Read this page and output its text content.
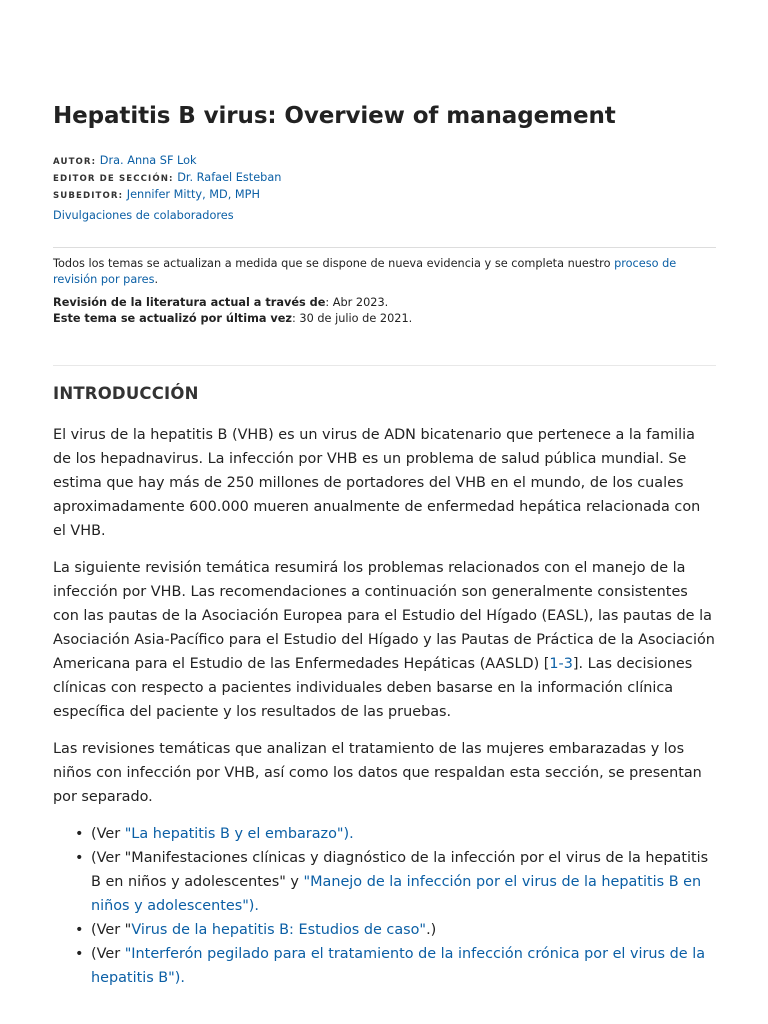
Hepatitis B virus: Overview of management
AUTOR: Dra. Anna SF Lok
EDITOR DE SECCIÓN: Dr. Rafael Esteban
SUBEDITOR: Jennifer Mitty, MD, MPH
Divulgaciones de colaboradores
Todos los temas se actualizan a medida que se dispone de nueva evidencia y se completa nuestro proceso de revisión por pares.
Revisión de la literatura actual a través de: Abr 2023.
Este tema se actualizó por última vez: 30 de julio de 2021.
INTRODUCCIÓN

El virus de la hepatitis B (VHB) es un virus de ADN bicatenario que pertenece a la familia de los hepadnavirus. La infección por VHB es un problema de salud pública mundial. Se estima que hay más de 250 millones de portadores del VHB en el mundo, de los cuales aproximadamente 600.000 mueren anualmente de enfermedad hepática relacionada con el VHB.

La siguiente revisión temática resumirá los problemas relacionados con el manejo de la infección por VHB. Las recomendaciones a continuación son generalmente consistentes con las pautas de la Asociación Europea para el Estudio del Hígado (EASL), las pautas de la Asociación Asia-Pacífico para el Estudio del Hígado y las Pautas de Práctica de la Asociación Americana para el Estudio de las Enfermedades Hepáticas (AASLD) [1-3]. Las decisiones clínicas con respecto a pacientes individuales deben basarse en la información clínica específica del paciente y los resultados de las pruebas.

Las revisiones temáticas que analizan el tratamiento de las mujeres embarazadas y los niños con infección por VHB, así como los datos que respaldan esta sección, se presentan por separado.

• (Ver "La hepatitis B y el embarazo").
• (Ver "Manifestaciones clínicas y diagnóstico de la infección por el virus de la hepatitis B en niños y adolescentes" y "Manejo de la infección por el virus de la hepatitis B en niños y adolescentes").
• (Ver "Virus de la hepatitis B: Estudios de caso".)
• (Ver "Interferón pegilado para el tratamiento de la infección crónica por el virus de la hepatitis B").
